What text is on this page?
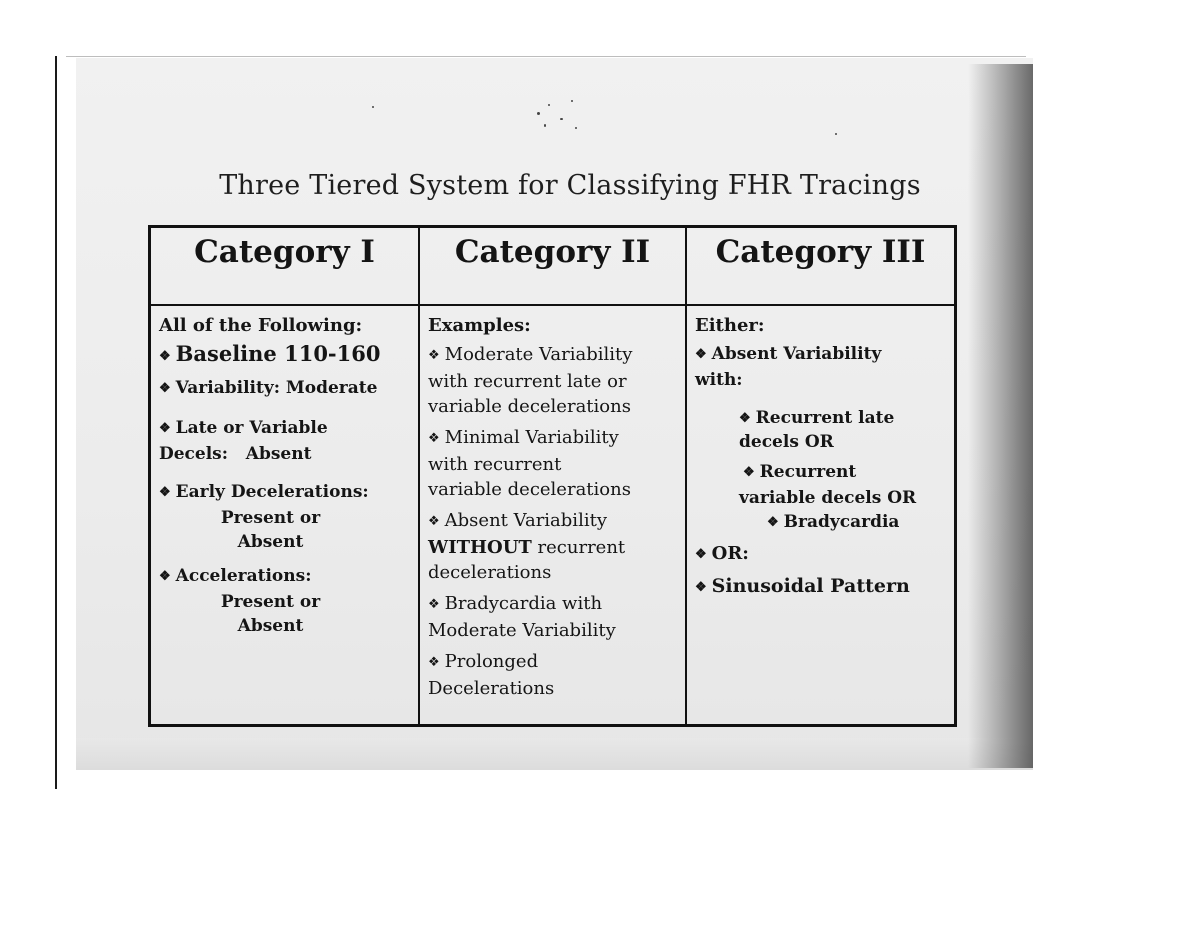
Three Tiered System for Classifying FHR Tracings
Category I	Category II	Category III
All of the Following:
❖ Baseline 110-160
❖ Variability: Moderate
❖ Late or Variable
Decels:   Absent
❖ Early Decelerations:
Present or
Absent
❖ Accelerations:
Present or
Absent
Examples:
❖ Moderate Variability
with recurrent late or
variable decelerations
❖ Minimal Variability
with recurrent
variable decelerations
❖ Absent Variability
WITHOUT recurrent
decelerations
❖ Bradycardia with
Moderate Variability
❖ Prolonged
Decelerations
Either:
❖ Absent Variability
with:
❖ Recurrent late
decels OR
❖ Recurrent
variable decels OR
❖ Bradycardia
❖ OR:
❖ Sinusoidal Pattern
